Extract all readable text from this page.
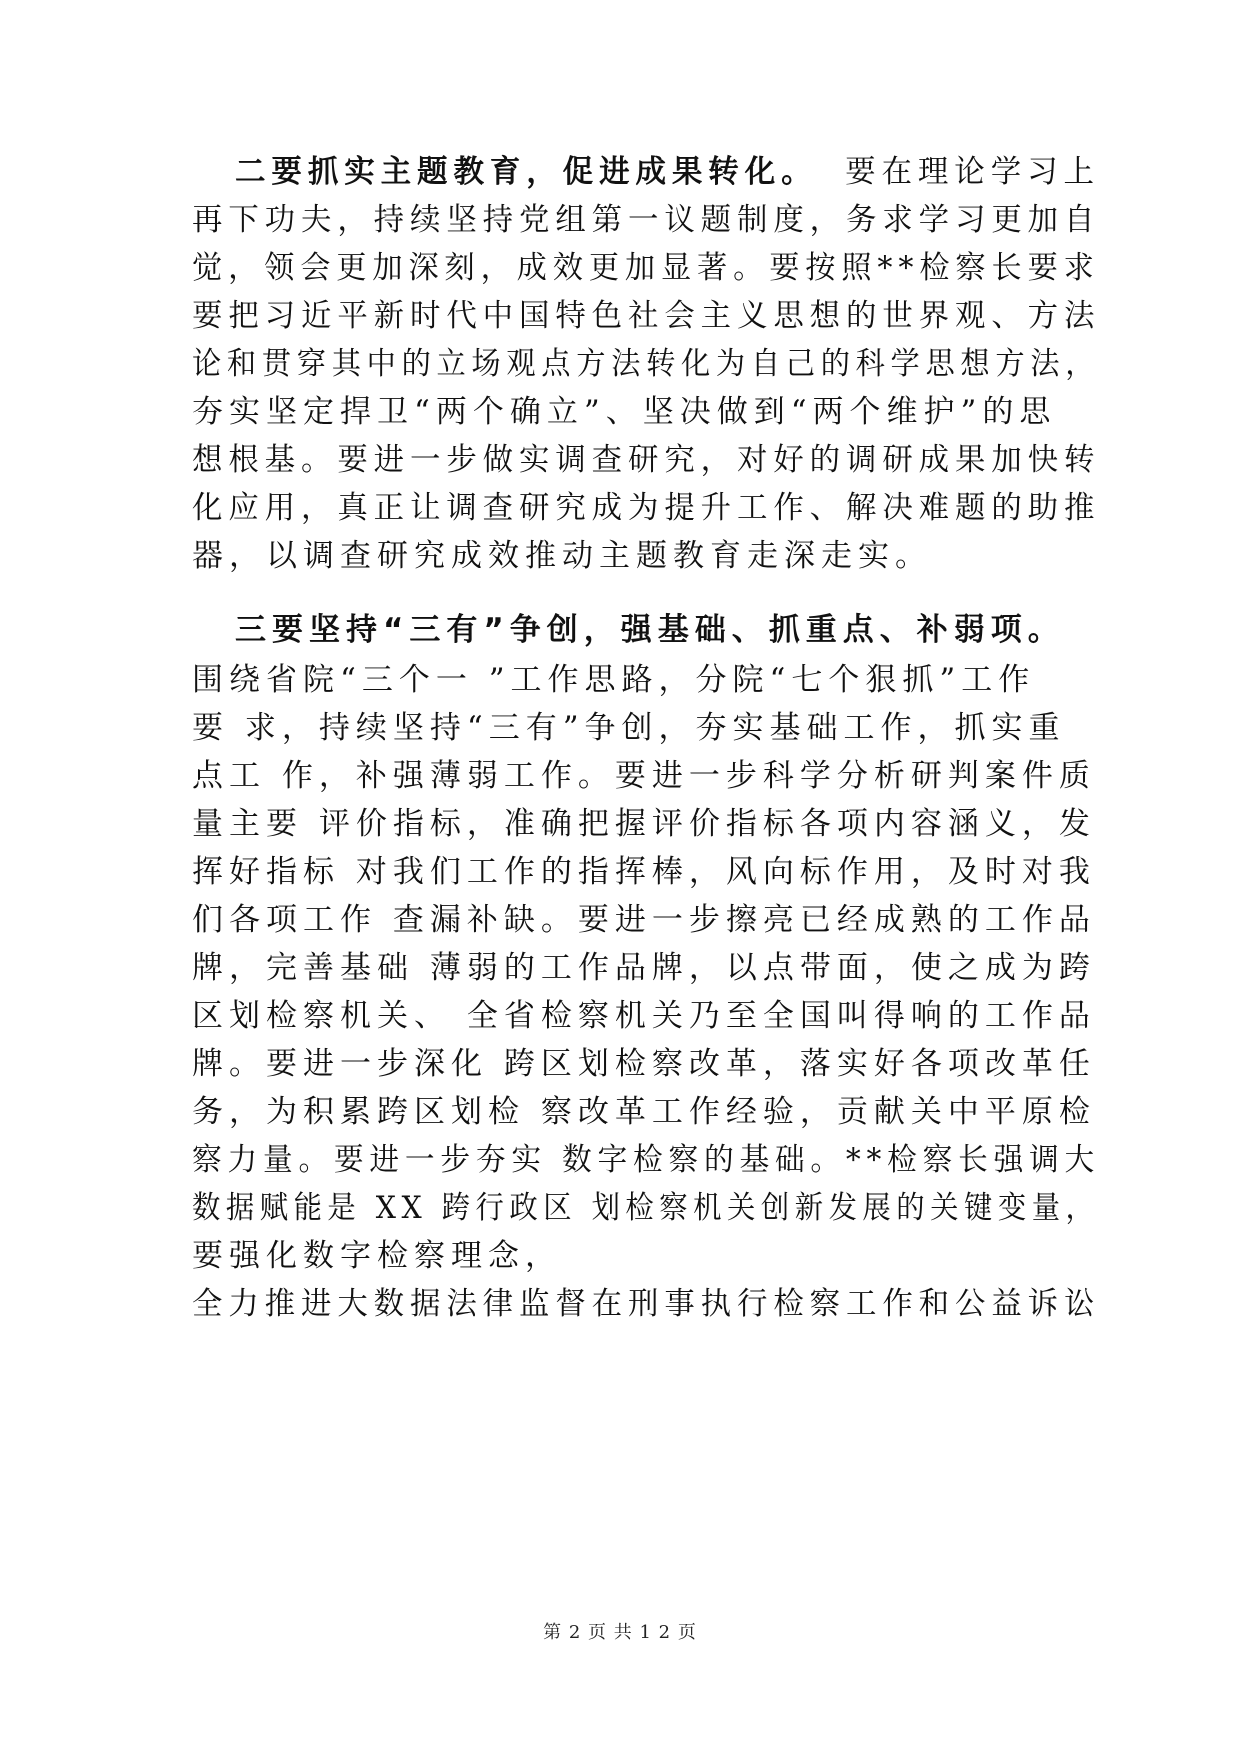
二要抓实主题教育，促进成果转化。 要在理论学习上
再下功夫，持续坚持党组第一议题制度，务求学习更加自
觉，领会更加深刻，成效更加显著。要按照**检察长要求
要把习近平新时代中国特色社会主义思想的世界观、方法
论和贯穿其中的立场观点方法转化为自己的科学思想方法，
夯实坚定捍卫“两个确立”、坚决做到“两个维护”的思
想根基。要进一步做实调查研究，对好的调研成果加快转
化应用，真正让调查研究成为提升工作、解决难题的助推
器，以调查研究成效推动主题教育走深走实。
三要坚持“三有”争创，强基础、抓重点、补弱项。
围绕省院“三个一 ”工作思路，分院“七个狠抓”工作
要 求，持续坚持“三有”争创，夯实基础工作，抓实重
点工 作，补强薄弱工作。要进一步科学分析研判案件质
量主要 评价指标，准确把握评价指标各项内容涵义，发
挥好指标 对我们工作的指挥棒，风向标作用，及时对我
们各项工作 查漏补缺。要进一步擦亮已经成熟的工作品
牌，完善基础 薄弱的工作品牌，以点带面，使之成为跨
区划检察机关、 全省检察机关乃至全国叫得响的工作品
牌。要进一步深化 跨区划检察改革，落实好各项改革任
务，为积累跨区划检 察改革工作经验，贡献关中平原检
察力量。要进一步夯实 数字检察的基础。**检察长强调大
数据赋能是 XX 跨行政区 划检察机关创新发展的关键变量，
要强化数字检察理念，
全力推进大数据法律监督在刑事执行检察工作和公益诉讼
第 2 页 共 1 2 页
